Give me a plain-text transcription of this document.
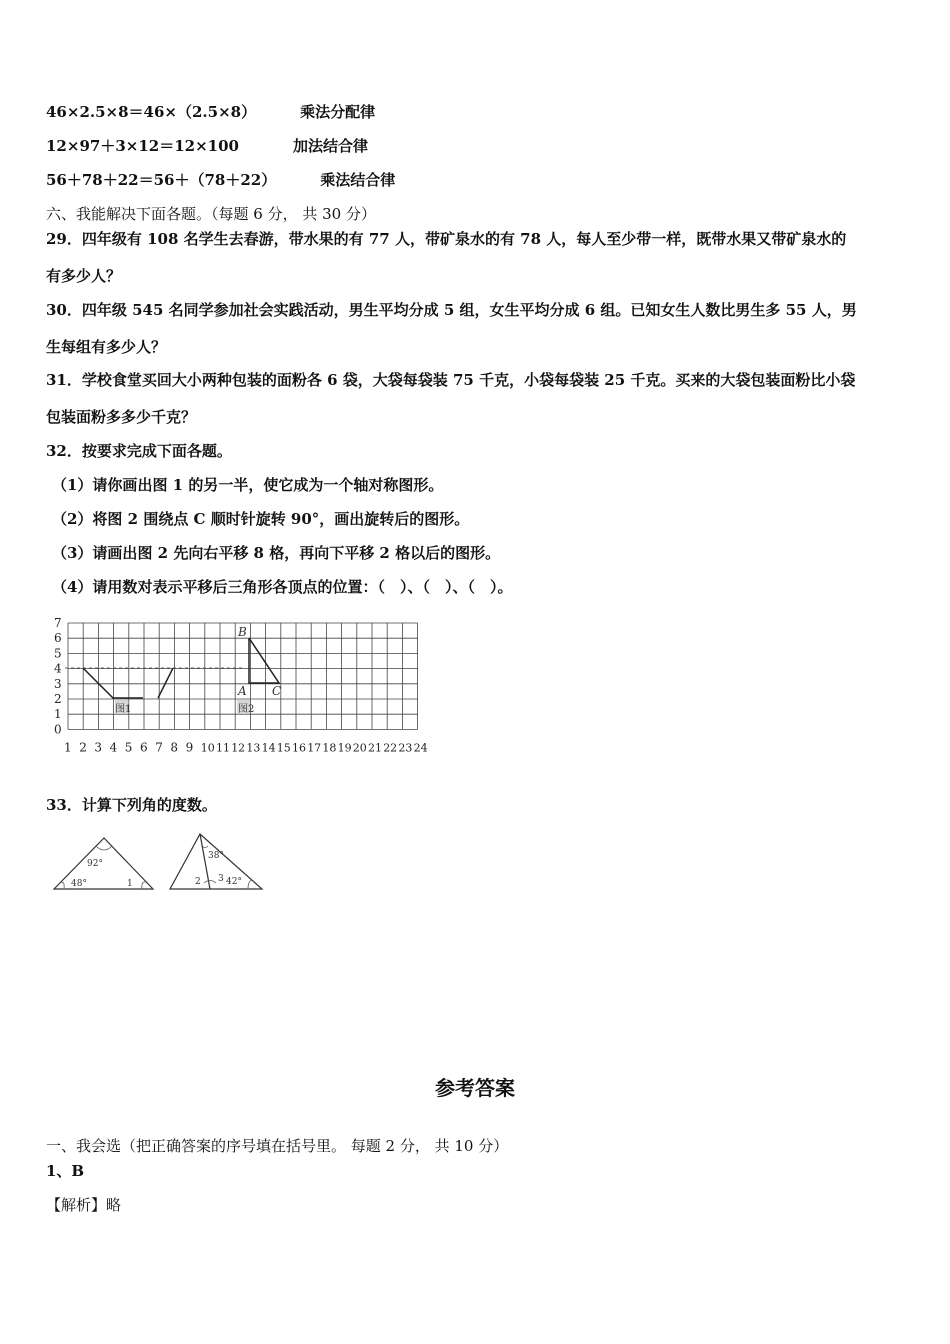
46×2.5×8＝46×（2.5×8）	乘法分配律
12×97＋3×12＝12×100	加法结合律
56＋78＋22＝56＋（78＋22）	乘法结合律
六、我能解决下面各题。（每题 6 分， 共 30 分）
29．四年级有 108 名学生去春游，带水果的有 77 人，带矿泉水的有 78 人，每人至少带一样，既带水果又带矿泉水的
有多少人？
30．四年级 545 名同学参加社会实践活动，男生平均分成 5 组，女生平均分成 6 组。已知女生人数比男生多 55 人，男
生每组有多少人？
31．学校食堂买回大小两种包装的面粉各 6 袋，大袋每袋装 75 千克，小袋每袋装 25 千克。买来的大袋包装面粉比小袋
包装面粉多多少千克？
32．按要求完成下面各题。
（1）请你画出图 1 的另一半，使它成为一个轴对称图形。
（2）将图 2 围绕点 C 顺时针旋转 90°，画出旋转后的图形。
（3）请画出图 2 先向右平移 8 格，再向下平移 2 格以后的图形。
（4）请用数对表示平移后三角形各顶点的位置：（　）、（　）、（　）。
0
1
2
3
4
5
6
7
1 2 3 4 5 6 7 8 9 10 11 12 13 14 15 16 17 18 19 20 21 22 23 24
图1
B
A C
图2
33．计算下列角的度数。
92°
48°	1
38°
2 3 42°
参考答案
一、我会选（把正确答案的序号填在括号里。 每题 2 分， 共 10 分）
1、B
【解析】略
